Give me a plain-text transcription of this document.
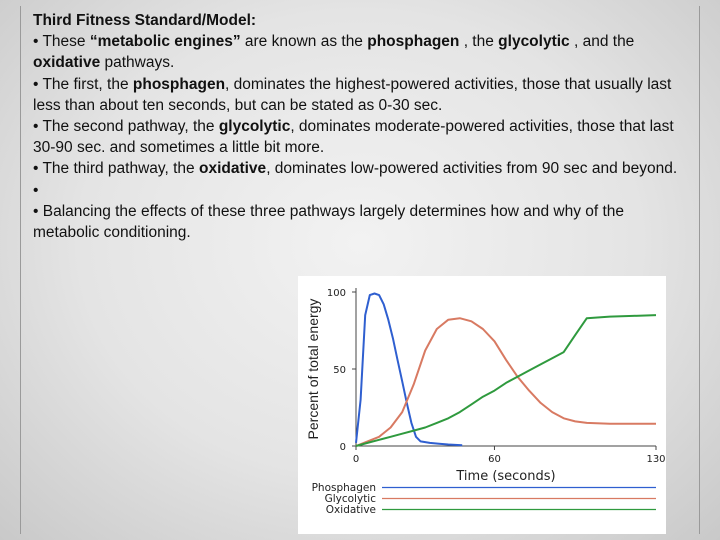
Third Fitness Standard/Model:

• These “metabolic engines” are known as the phosphagen , the glycolytic , and the oxidative pathways.

• The first, the phosphagen, dominates the highest-powered activities, those that usually last less than about ten seconds, but can be stated as 0-30 sec.

• The second pathway, the glycolytic, dominates moderate-powered activities, those that last 30-90 sec. and sometimes a little bit more.

• The third pathway, the oxidative, dominates low-powered activities from 90 sec and beyond.

•

• Balancing the effects of these three pathways largely determines how and why of the metabolic conditioning.

0
50
100
0	60	130
Time (seconds)
Percent of total energy
Phosphagen
Glycolytic
Oxidative
